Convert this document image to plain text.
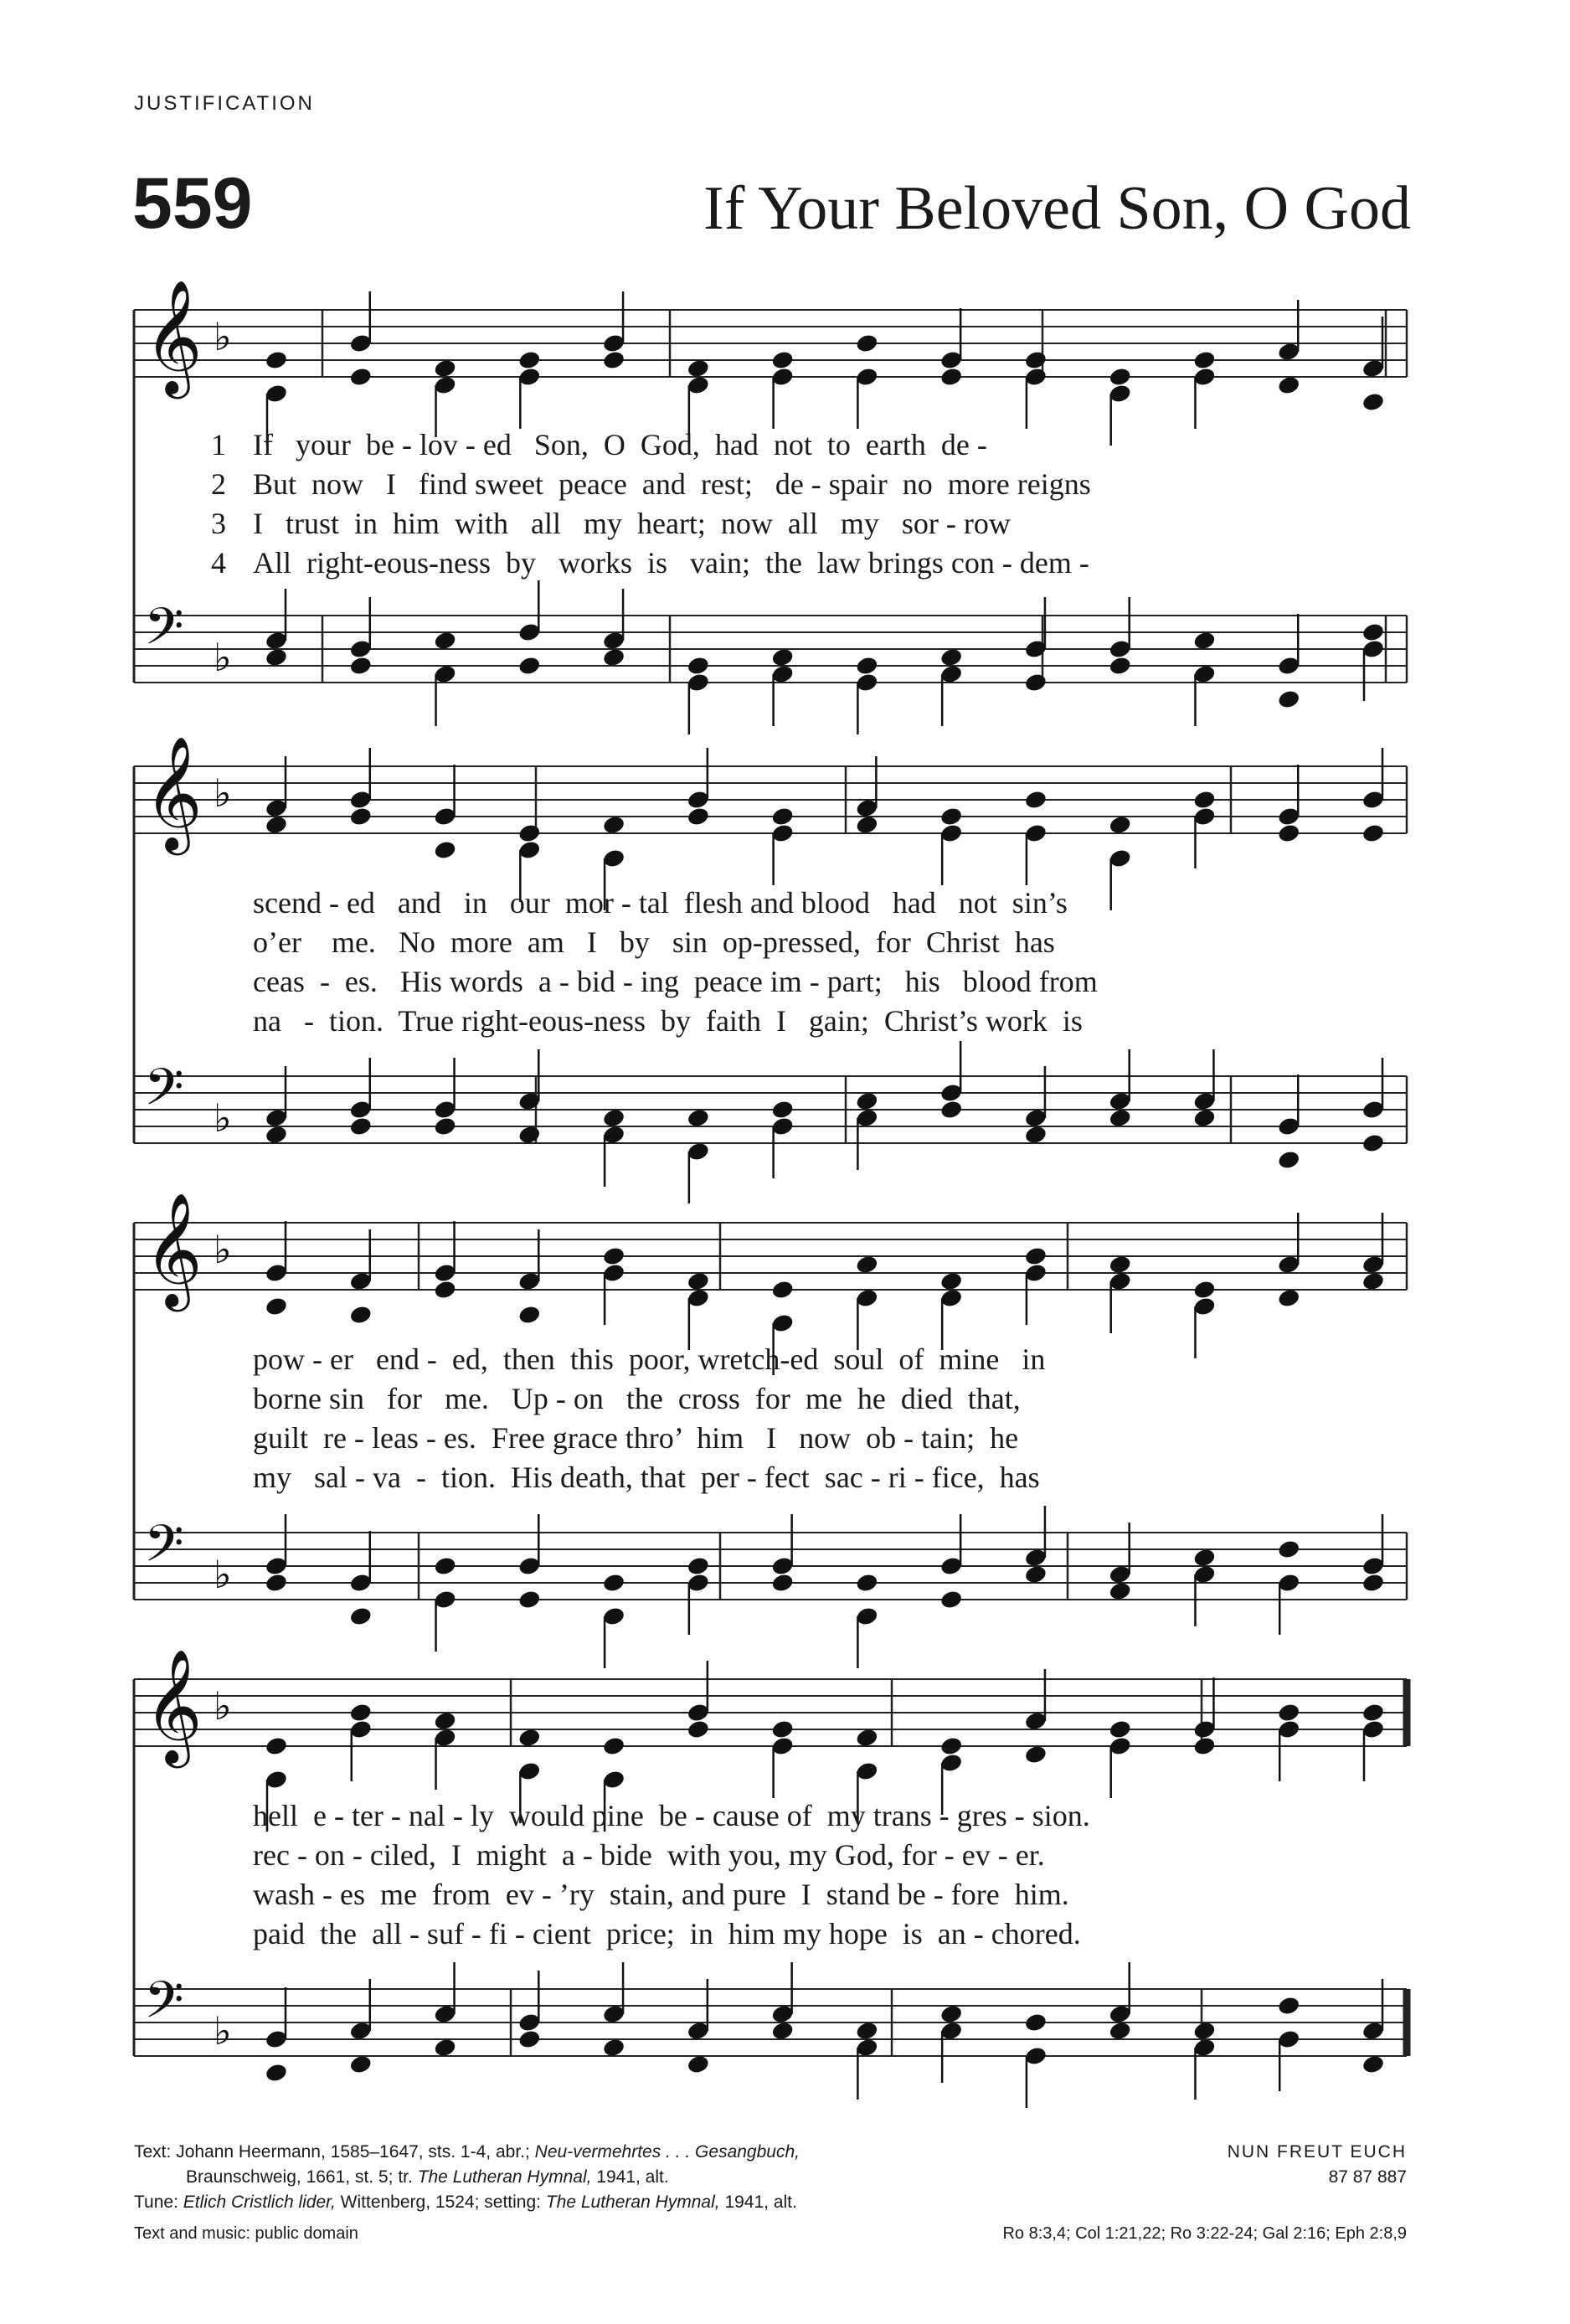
JUSTIFICATION
559	If Your Beloved Son, O God
𝄞 ♭
𝄢 ♭
1 If   your  be - lov - ed   Son,  O  God,  had  not  to  earth  de -
2 But  now   I   find sweet  peace  and  rest;   de - spair  no  more reigns
3 I   trust  in  him  with   all   my  heart;  now  all   my   sor - row
4 All  right-eous-ness  by   works  is   vain;  the  law brings con - dem -
𝄞 ♭
𝄢 ♭
scend - ed   and   in   our  mor - tal  flesh and blood   had   not  sin’s
o’er    me.   No  more  am   I   by   sin  op-pressed,  for  Christ  has
ceas  -  es.   His words  a - bid - ing  peace im - part;   his   blood from
na   -  tion.  True right-eous-ness  by  faith  I   gain;  Christ’s work  is
𝄞 ♭
𝄢 ♭
pow - er   end -  ed,  then  this  poor, wretch-ed  soul  of  mine   in
borne sin   for   me.   Up - on   the  cross  for  me  he  died  that,
guilt  re - leas - es.  Free grace thro’  him   I   now  ob - tain;  he
my   sal - va  -  tion.  His death, that  per - fect  sac - ri - fice,  has
𝄞 ♭
𝄢 ♭
hell  e - ter - nal - ly  would pine  be - cause of  my trans - gres - sion.
rec - on - ciled,  I  might  a - bide  with you, my God, for - ev - er.
wash - es  me  from  ev - ’ry  stain, and pure  I  stand be - fore  him.
paid  the  all - suf - fi - cient  price;  in  him my hope  is  an - chored.
Text: Johann Heermann, 1585–1647, sts. 1-4, abr.; Neu-vermehrtes . . . Gesangbuch,
Braunschweig, 1661, st. 5; tr. The Lutheran Hymnal, 1941, alt.
Tune: Etlich Cristlich lider, Wittenberg, 1524; setting: The Lutheran Hymnal, 1941, alt.
NUN FREUT EUCH
87 87 887
Text and music: public domain	Ro 8:3,4; Col 1:21,22; Ro 3:22-24; Gal 2:16; Eph 2:8,9
